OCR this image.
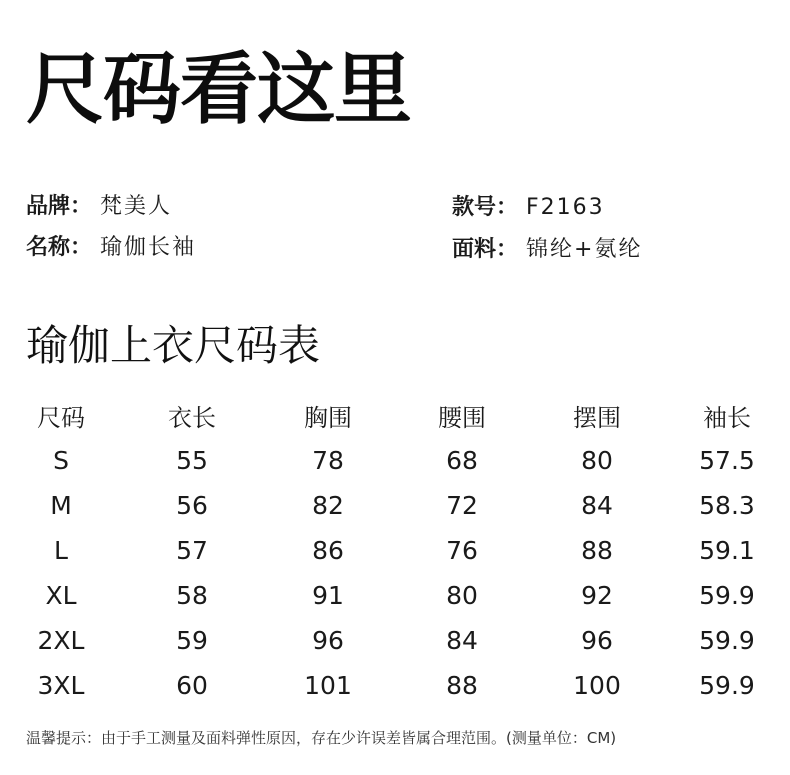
尺码看这里
品牌： 梵美人	款号： F2163
名称： 瑜伽长袖	面料： 锦纶+氨纶
瑜伽上衣尺码表
尺码	衣长	胸围	腰围	摆围	袖长
S	55	78	68	80	57.5
M	56	82	72	84	58.3
L	57	86	76	88	59.1
XL	58	91	80	92	59.9
2XL	59	96	84	96	59.9
3XL	60	101	88	100	59.9
温馨提示：由于手工测量及面料弹性原因，存在少许误差皆属合理范围。(测量单位：CM)
